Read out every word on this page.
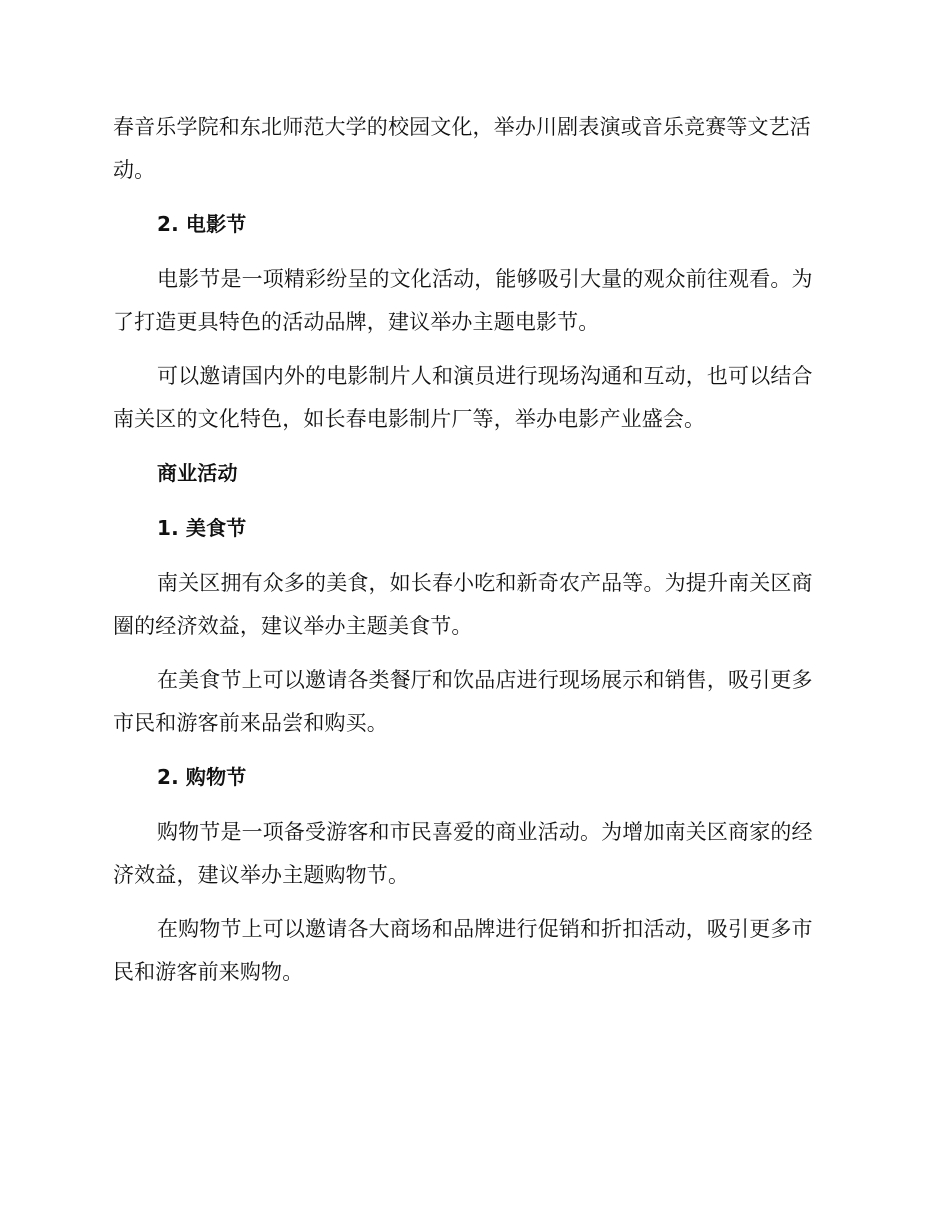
春音乐学院和东北师范大学的校园文化，举办川剧表演或音乐竞赛等文艺活
动。
2. 电影节
电影节是一项精彩纷呈的文化活动，能够吸引大量的观众前往观看。为
了打造更具特色的活动品牌，建议举办主题电影节。
可以邀请国内外的电影制片人和演员进行现场沟通和互动，也可以结合
南关区的文化特色，如长春电影制片厂等，举办电影产业盛会。
商业活动
1. 美食节
南关区拥有众多的美食，如长春小吃和新奇农产品等。为提升南关区商
圈的经济效益，建议举办主题美食节。
在美食节上可以邀请各类餐厅和饮品店进行现场展示和销售，吸引更多
市民和游客前来品尝和购买。
2. 购物节
购物节是一项备受游客和市民喜爱的商业活动。为增加南关区商家的经
济效益，建议举办主题购物节。
在购物节上可以邀请各大商场和品牌进行促销和折扣活动，吸引更多市
民和游客前来购物。
